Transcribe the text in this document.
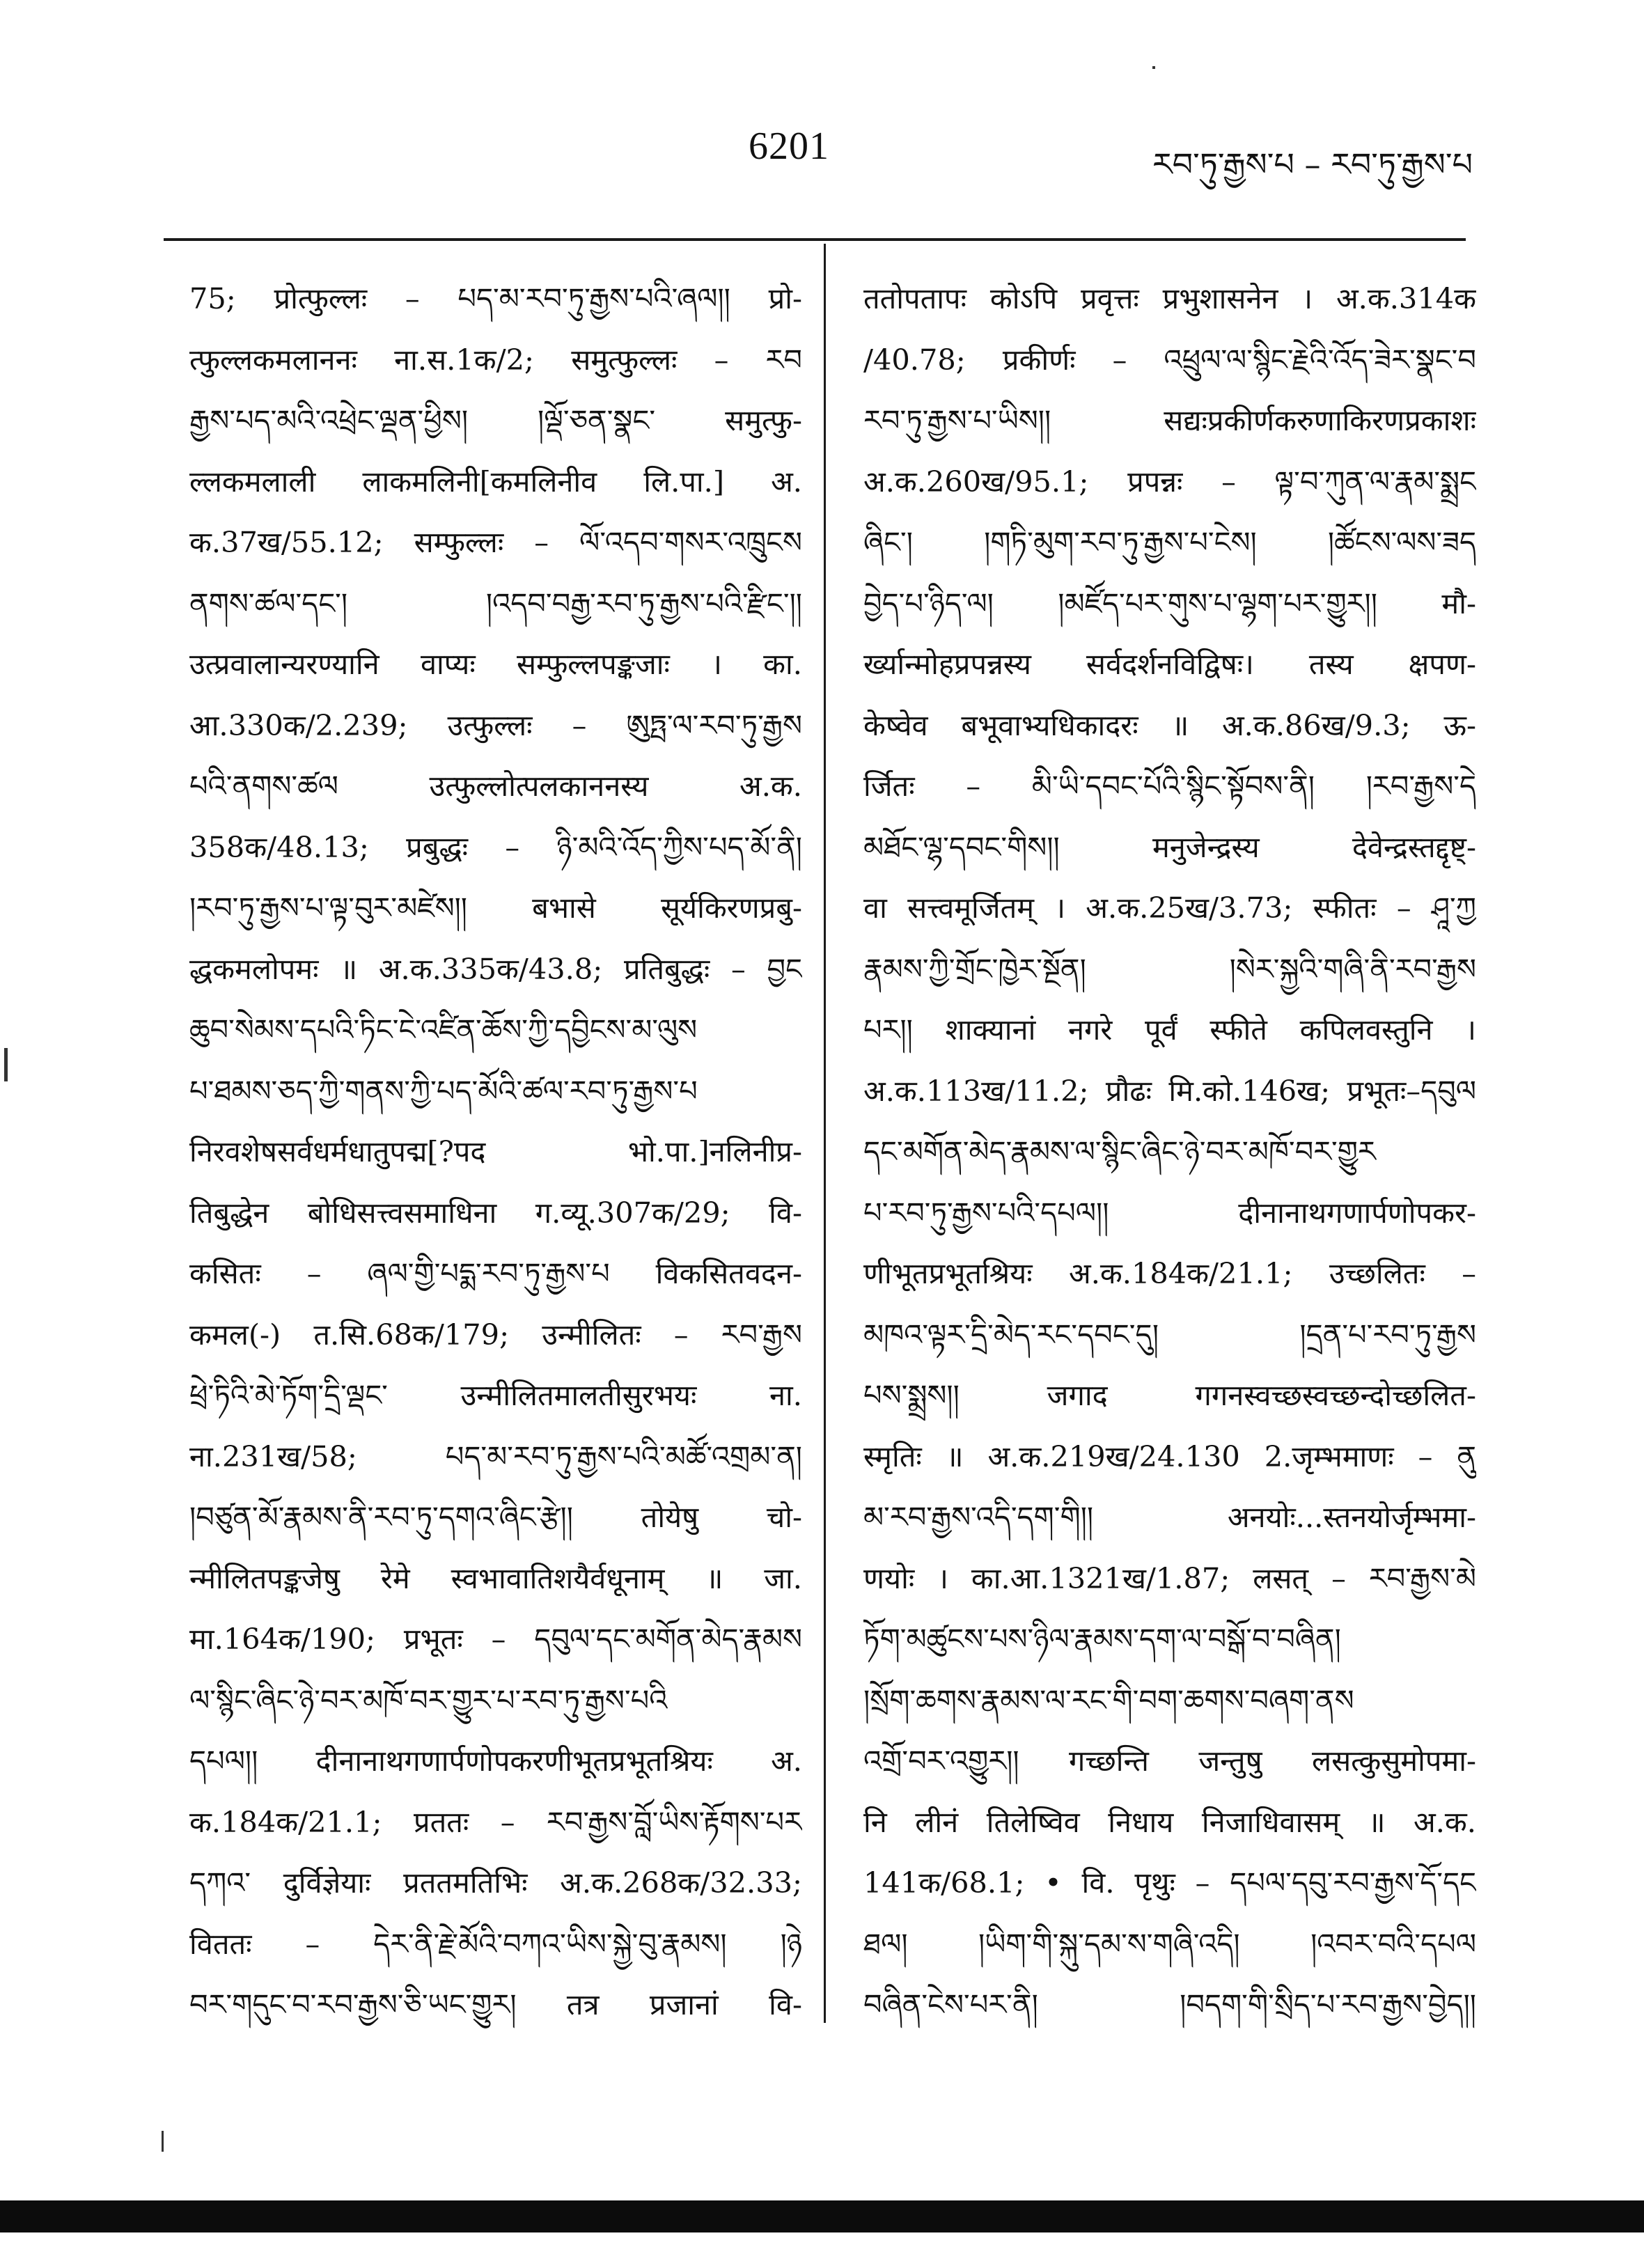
6201	རབ་ཏུ་རྒྱས་པ – རབ་ཏུ་རྒྱས་པ
75; प्रोत्फुल्लः – པད་མ་རབ་ཏུ་རྒྱས་པའི་ཞལ།། प्रो-
त्फुल्लकमलाननः ना.स.1क/2; समुत्फुल्लः – རབ
རྒྱས་པད་མའི་འཕྲེང་ལྡན་ཕྱིས། །ལྡོ་ཅན་སྣང་ समुत्फु-
ल्लकमलाली लाकमलिनी[कमलिनीव लि.पा.] अ.
क.37ख/55.12; सम्फुल्लः – ལོ་འདབ་གསར་འཁྲུངས
ནགས་ཚལ་དང་། །འདབ་བརྒྱ་རབ་ཏུ་རྒྱས་པའི་རྫིང་།།
उत्प्रवालान्यरण्यानि वाप्यः सम्फुल्लपङ्कजाः । का.
आ.330क/2.239; उत्फुल्लः – ཨུཏྤ་ལ་རབ་ཏུ་རྒྱས
པའི་ནགས་ཚལ उत्फुल्लोत्पलकाननस्य अ.क.
358क/48.13; प्रबुद्धः – ཉི་མའི་འོད་ཀྱིས་པད་མོ་ནི།
།རབ་ཏུ་རྒྱས་པ་ལྟ་བུར་མཛེས།། बभासे सूर्यकिरणप्रबु-
द्धकमलोपमः ॥ अ.क.335क/43.8; प्रतिबुद्धः – བྱང
ཆུབ་སེམས་དཔའི་ཏིང་ངེ་འཛིན་ཆོས་ཀྱི་དབྱིངས་མ་ལུས
པ་ཐམས་ཅད་ཀྱི་གནས་ཀྱི་པད་མོའི་ཚལ་རབ་ཏུ་རྒྱས་པ
निरवशेषसर्वधर्मधातुपद्म[?पद भो.पा.]नलिनीप्र-
तिबुद्धेन बोधिसत्त्वसमाधिना ग.व्यू.307क/29; वि-
कसितः – ཞལ་གྱི་པདྨ་རབ་ཏུ་རྒྱས་པ विकसितवदन-
कमल(-) त.सि.68क/179; उन्मीलितः – རབ་རྒྱས
ཕྲེ་ཏིའི་མེ་ཏོག་དྲི་ལྡང་ उन्मीलितमालतीसुरभयः ना.
ना.231ख/58; པད་མ་རབ་ཏུ་རྒྱས་པའི་མཚོ་འགྲམ་ན།
།བཙུན་མོ་རྣམས་ནི་རབ་ཏུ་དགའ་ཞིང་རྩེ།། तोयेषु चो-
न्मीलितपङ्कजेषु रेमे स्वभावातिशयैर्वधूनाम् ॥ जा.
मा.164क/190; प्रभूतः – དབུལ་དང་མགོན་མེད་རྣམས
ལ་སྙིང་ཞིང་ཉེ་བར་མཁོ་བར་གྱུར་པ་རབ་ཏུ་རྒྱས་པའི
དཔལ།། दीनानाथगणार्पणोपकरणीभूतप्रभूतश्रियः अ.
क.184क/21.1; प्रततः – རབ་རྒྱས་བློ་ཡིས་རྟོགས་པར
དཀའ་ दुर्विज्ञेयाः प्रततमतिभिः अ.क.268क/32.33;
विततः – དེར་ནི་རྗེ་མོའི་བཀའ་ཡིས་སྐྱེ་བུ་རྣམས། །ཉེ
བར་གདུང་བ་རབ་རྒྱས་ཅི་ཡང་གྱུར། तत्र प्रजानां वि-
ततोपतापः कोऽपि प्रवृत्तः प्रभुशासनेन । अ.क.314क
/40.78; प्रकीर्णः – འཕྲུལ་ལ་སྙིང་རྗེའི་འོད་ཟེར་སྣང་བ
རབ་ཏུ་རྒྱས་པ་ཡིས།། सद्यःप्रकीर्णकरुणाकिरणप्रकाशः
अ.क.260ख/95.1; प्रपन्नः – ལྟ་བ་ཀུན་ལ་རྣམ་སྨྲང
ཞིང་། །གཏི་མུག་རབ་ཏུ་རྒྱས་པ་ངེས། །ཚོངས་ལས་ཟད
བྱེད་པ་ཉིད་ལ། །མཛོད་པར་གུས་པ་ལྷག་པར་གྱུར།། मौ-
र्ख्यान्मोहप्रपन्नस्य सर्वदर्शनविद्विषः। तस्य क्षपण-
केष्वेव बभूवाभ्यधिकादरः ॥ अ.क.86ख/9.3; ऊ-
र्जितः – མི་ཡི་དབང་པོའི་སྙིང་སྟོབས་ནི། །རབ་རྒྱས་དེ
མཐོང་ལྷ་དབང་གིས།། मनुजेन्द्रस्य देवेन्द्रस्तद्दृष्ट्-
वा सत्त्वमूर्जितम् । अ.क.25ख/3.73; स्फीतः – ཤཱ་ཀྱ
རྣམས་ཀྱི་གྲོང་ཁྱེར་སྔོན། །སེར་སྐྱའི་གཞི་ནི་རབ་རྒྱས
པར།། शाक्यानां नगरे पूर्वं स्फीते कपिलवस्तुनि ।
अ.क.113ख/11.2; प्रौढः मि.को.146ख; प्रभूतः–དབུལ
དང་མགོན་མེད་རྣམས་ལ་སྙིང་ཞིང་ཉེ་བར་མཁོ་བར་གྱུར
པ་རབ་ཏུ་རྒྱས་པའི་དཔལ།། दीनानाथगणार्पणोपकर-
णीभूतप्रभूतश्रियः अ.क.184क/21.1; उच्छलितः –
མཁའ་ལྟར་དྲི་མེད་རང་དབང་དུ། །དྲན་པ་རབ་ཏུ་རྒྱས
པས་སྨྲས།། जगाद गगनस्वच्छस्वच्छन्दोच्छलित-
स्मृतिः ॥ अ.क.219ख/24.130 2.जृम्भमाणः – ནུ
མ་རབ་རྒྱས་འདི་དག་གི།། अनयोः...स्तनयोर्जृम्भमा-
णयोः । का.आ.1321ख/1.87; लसत् – རབ་རྒྱས་མེ
ཏོག་མཚུངས་པས་ཉིལ་རྣམས་དག་ལ་བསྒོ་བ་བཞིན།
།སྲོག་ཆགས་རྣམས་ལ་རང་གི་བག་ཆགས་བཞག་ནས
འགྲོ་བར་འགྱུར།། गच्छन्ति जन्तुषु लसत्कुसुमोपमा-
नि लीनं तिलेष्विव निधाय निजाधिवासम् ॥ अ.क.
141क/68.1; • वि. पृथुः – དཔལ་དབུ་རབ་རྒྱས་དོ་དང
ཐལ། །ཡིག་གི་སྐུ་དམ་ས་གཞི་འདི། །འབར་བའི་དཔལ
བཞིན་ངེས་པར་ནི། །བདག་གི་སྲིད་པ་རབ་རྒྱས་བྱེད།།
